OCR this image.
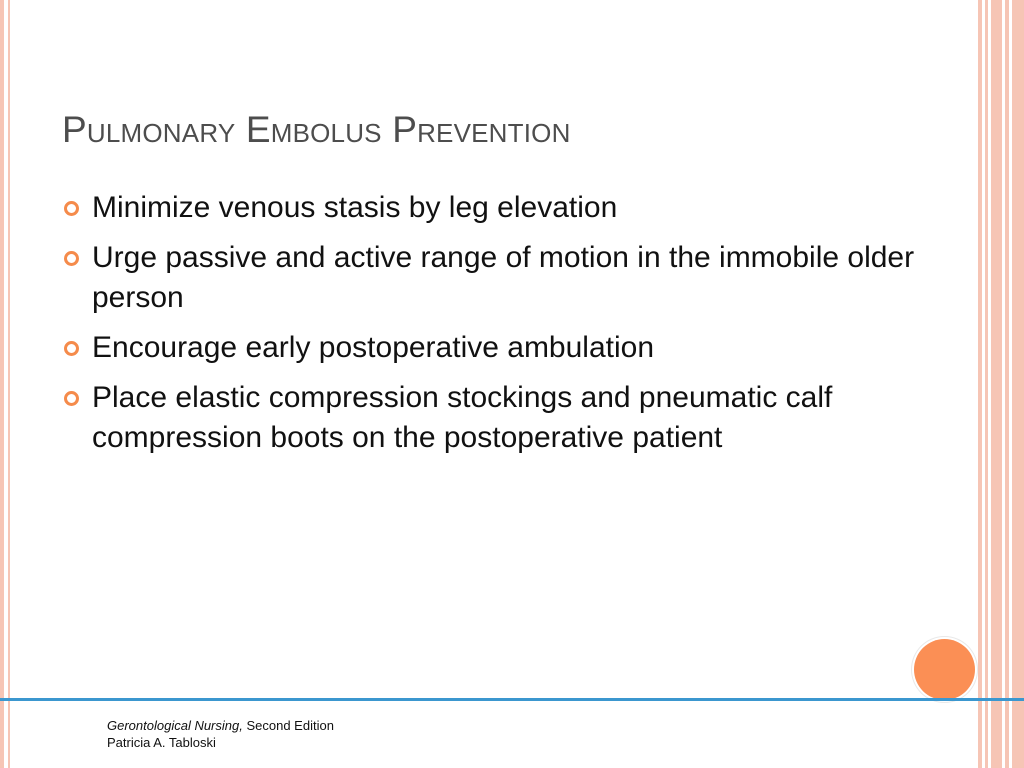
Pulmonary Embolus Prevention
Minimize venous stasis by leg elevation
Urge passive and active range of motion in the immobile older person
Encourage early postoperative ambulation
Place elastic compression stockings and pneumatic calf compression boots on the postoperative patient
Gerontological Nursing, Second Edition
Patricia A. Tabloski
